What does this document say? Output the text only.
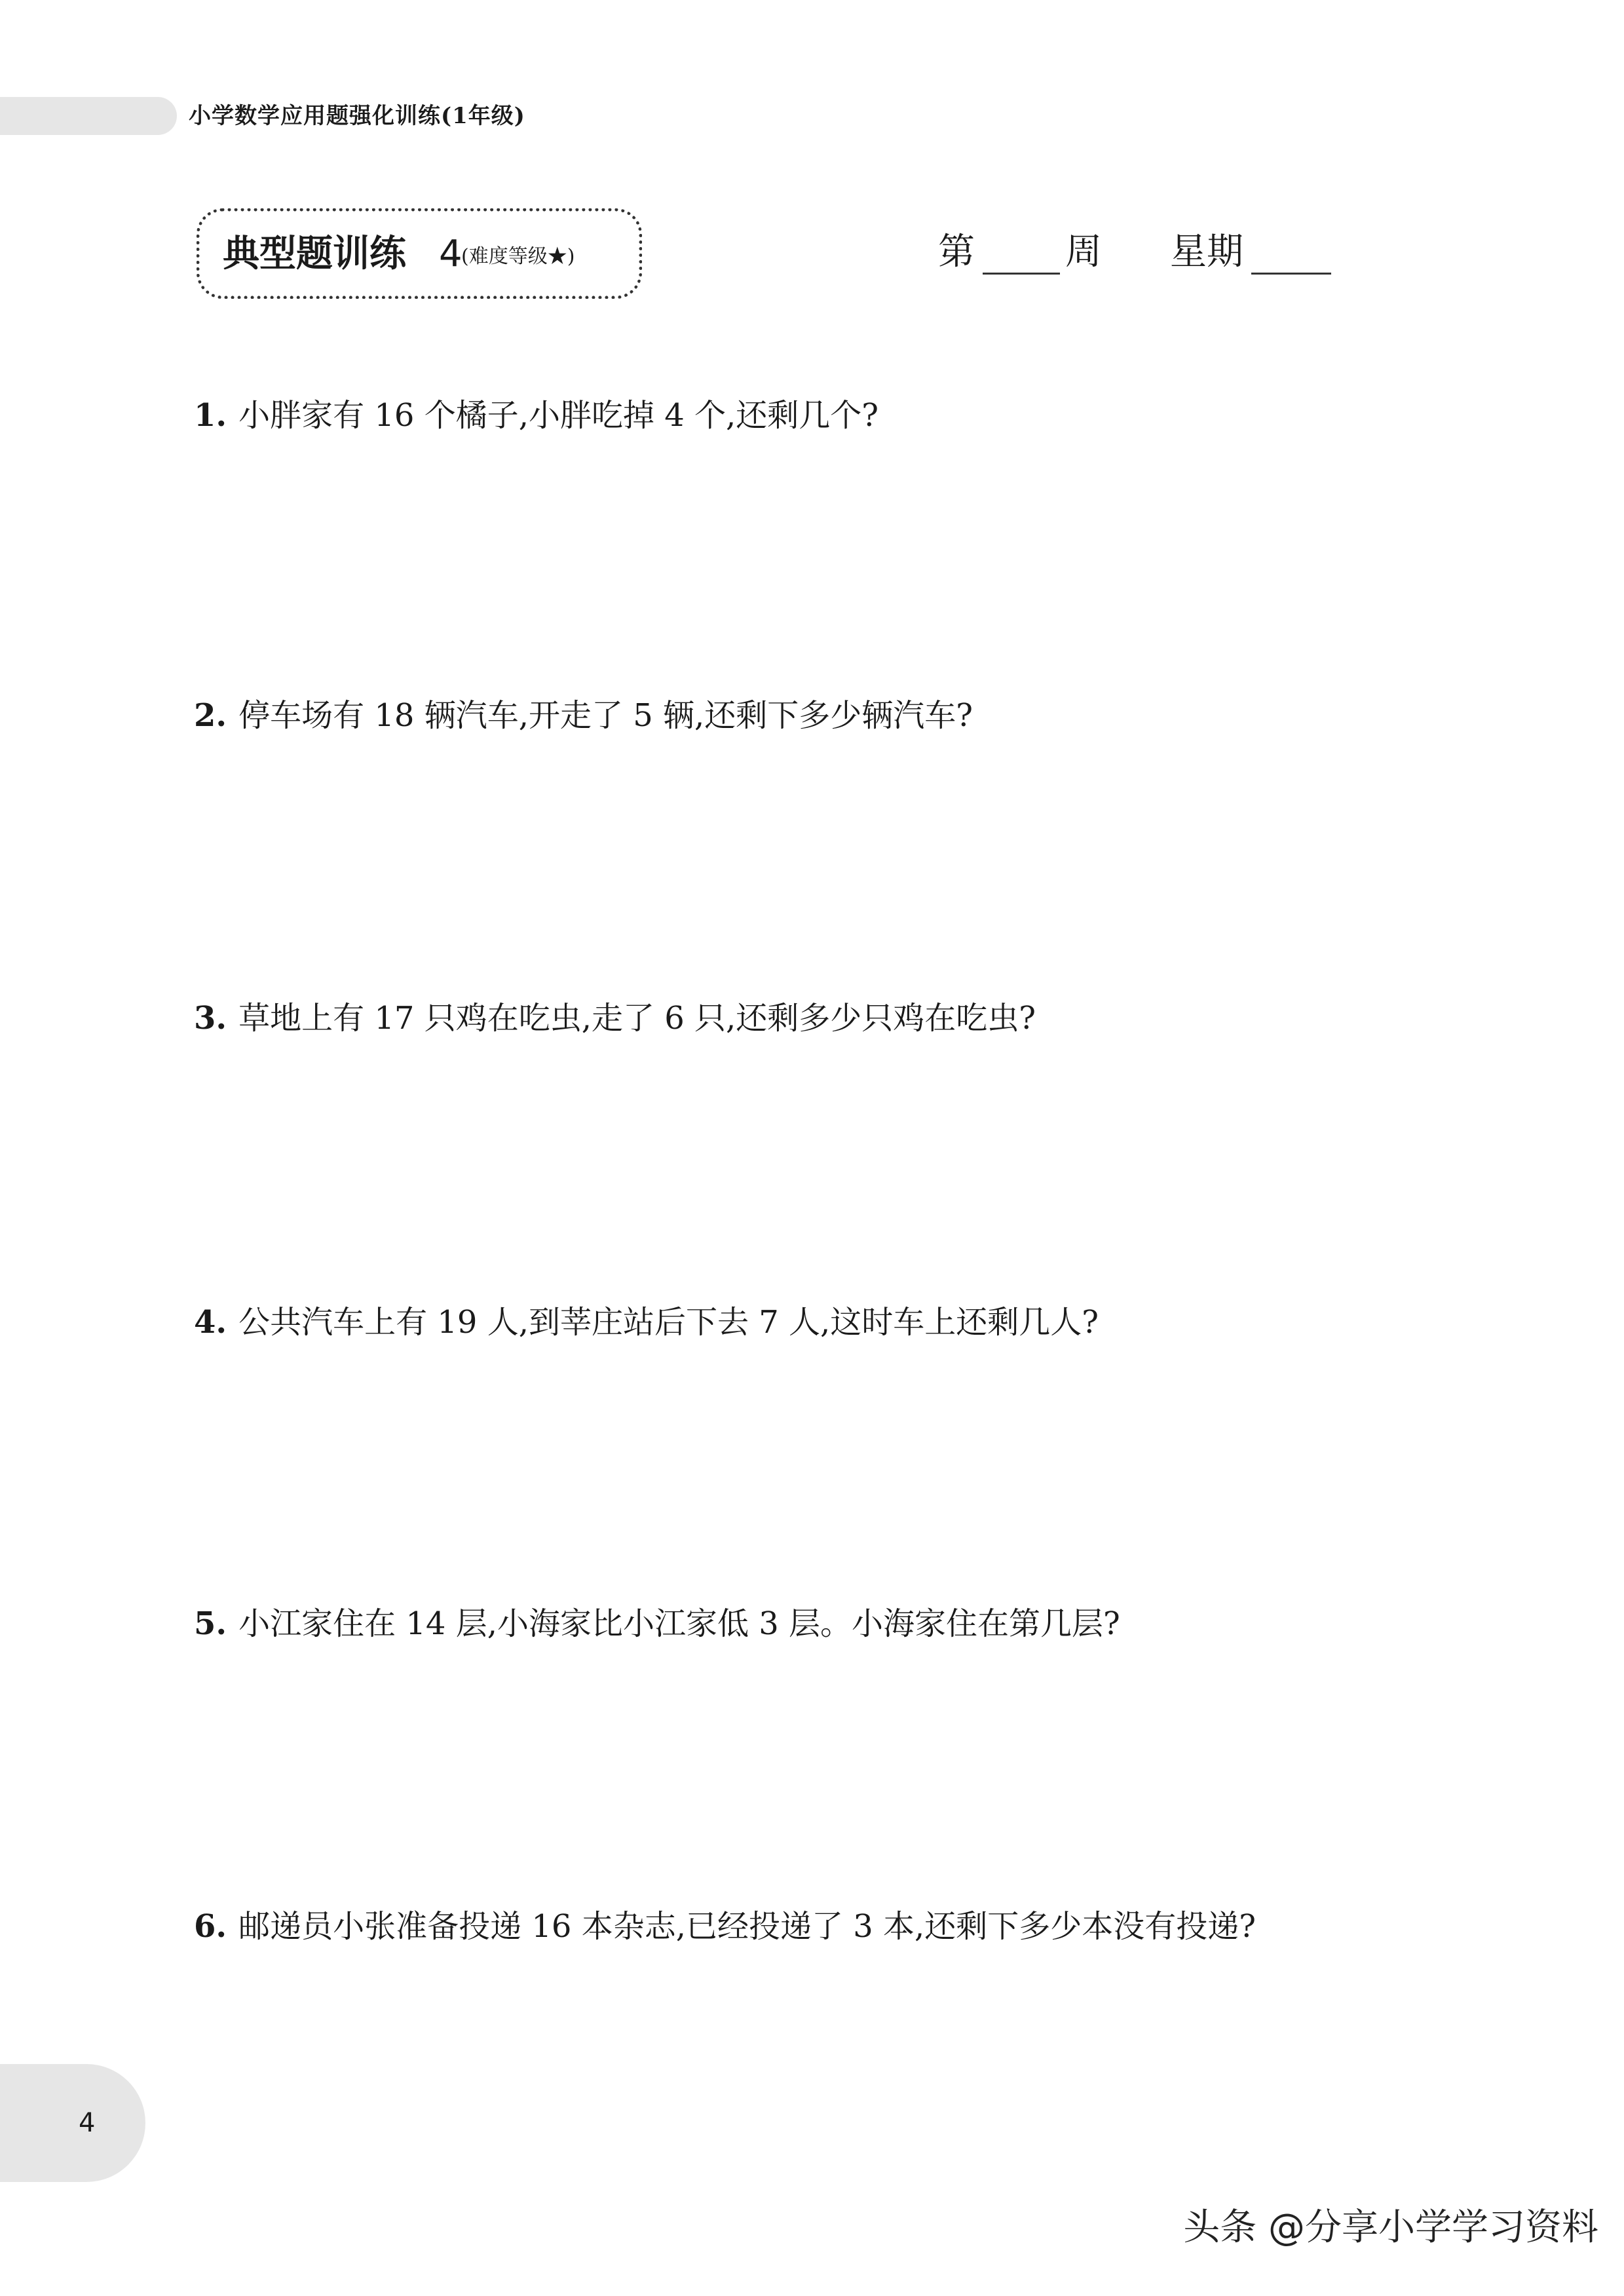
小学数学应用题强化训练(1年级)
典型题训练 4
(难度等级★)	第 周 星期
1. 小胖家有 16 个橘子,小胖吃掉 4 个,还剩几个?
2. 停车场有 18 辆汽车,开走了 5 辆,还剩下多少辆汽车?
3. 草地上有 17 只鸡在吃虫,走了 6 只,还剩多少只鸡在吃虫?
4. 公共汽车上有 19 人,到莘庄站后下去 7 人,这时车上还剩几人?
5. 小江家住在 14 层,小海家比小江家低 3 层。小海家住在第几层?
6. 邮递员小张准备投递 16 本杂志,已经投递了 3 本,还剩下多少本没有投递?
4
头条 @分享小学学习资料
